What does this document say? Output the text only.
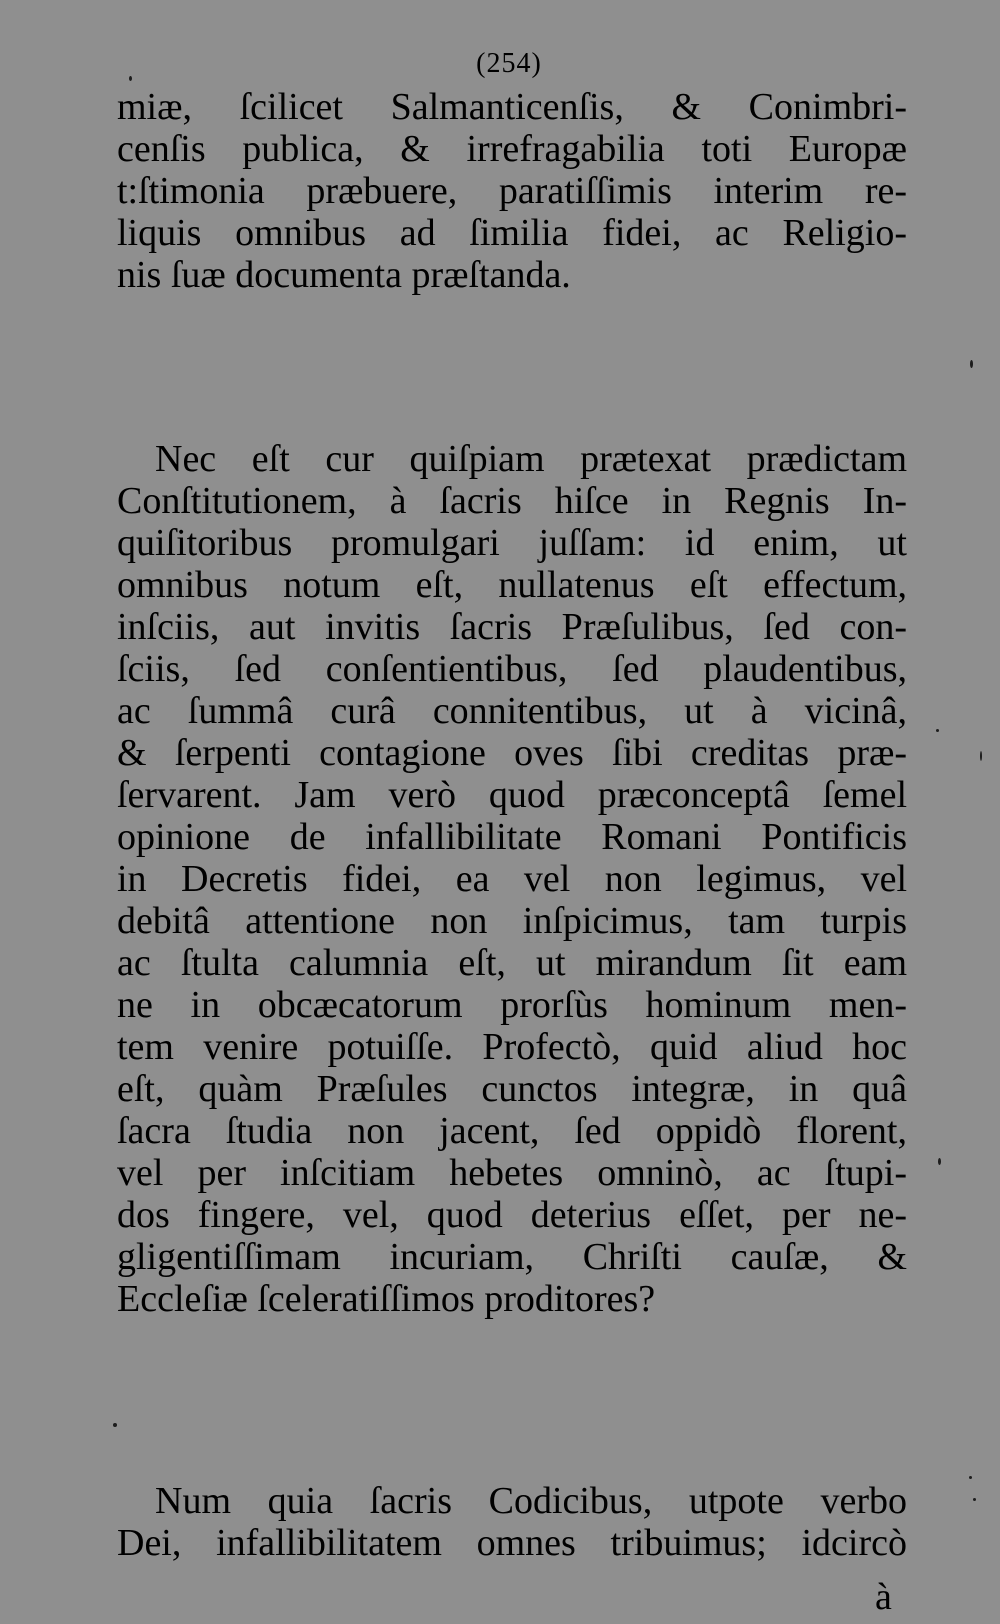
(254)
miæ, ſcilicet Salmanticenſis, & Conimbri-
cenſis publica, & irrefragabilia toti Europæ
t:ſtimonia præbuere, paratiſſimis interim re-
liquis omnibus ad ſimilia fidei, ac Religio-
nis ſuæ documenta præſtanda.
Nec eſt cur quiſpiam prætexat prædictam
Conſtitutionem, à ſacris hiſce in Regnis In-
quiſitoribus promulgari juſſam: id enim, ut
omnibus notum eſt, nullatenus eſt effectum,
inſciis, aut invitis ſacris Præſulibus, ſed con-
ſciis, ſed conſentientibus, ſed plaudentibus,
ac ſummâ curâ connitentibus, ut à vicinâ,
& ſerpenti contagione oves ſibi creditas præ-
ſervarent. Jam verò quod præconceptâ ſemel
opinione de infallibilitate Romani Pontificis
in Decretis fidei, ea vel non legimus, vel
debitâ attentione non inſpicimus, tam turpis
ac ſtulta calumnia eſt, ut mirandum ſit eam
ne in obcæcatorum prorſùs hominum men-
tem venire potuiſſe. Profectò, quid aliud hoc
eſt, quàm Præſules cunctos integræ, in quâ
ſacra ſtudia non jacent, ſed oppidò florent,
vel per inſcitiam hebetes omninò, ac ſtupi-
dos fingere, vel, quod deterius eſſet, per ne-
gligentiſſimam incuriam, Chriſti cauſæ, &
Eccleſiæ ſceleratiſſimos proditores?
Num quia ſacris Codicibus, utpote verbo
Dei, infallibilitatem omnes tribuimus; idcircò
à
